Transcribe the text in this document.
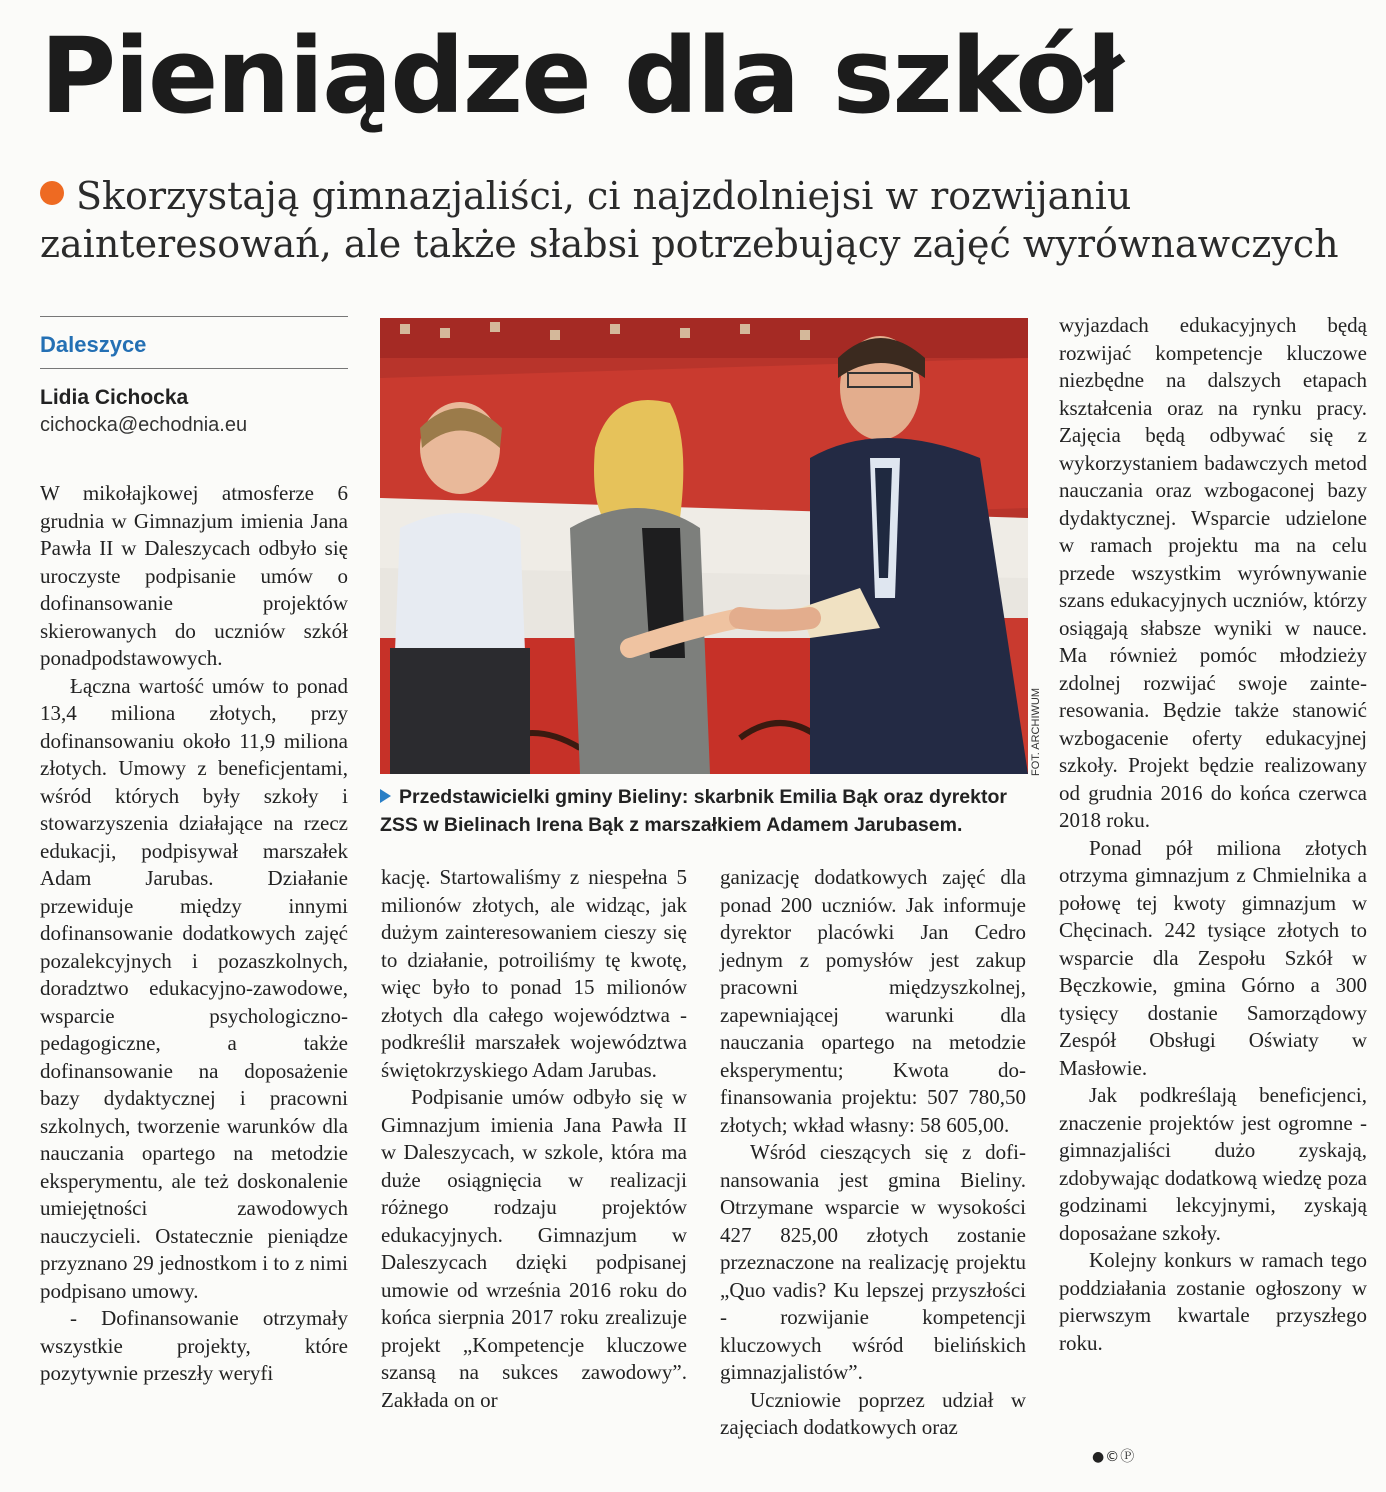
Pieniądze dla szkół

Skorzystają gimnazjaliści, ci najzdolniejsi w rozwijaniu zainteresowań, ale także słabsi potrzebujący zajęć wyrównawczych

Daleszyce
Lidia Cichocka
cichocka@echodnia.eu

W mikołajkowej atmosferze 6 grudnia w Gimnazjum imienia Jana Pawła II w Daleszycach odbyło się uroczyste podpisanie umów o dofinansowanie projektów skierowanych do uczniów szkół ponadpodstawowych.

Łączna wartość umów to ponad 13,4 miliona złotych, przy dofinansowaniu około 11,9 miliona złotych. Umowy z beneficjentami, wśród których były szkoły i stowarzyszenia działające na rzecz edukacji, podpisywał marszałek Adam Jarubas. Działanie przewiduje między innymi dofinansowanie dodatkowych zajęć pozalekcyjnych i pozaszkolnych, doradztwo edukacyjno-zawodowe, wsparcie psychologiczno-pedagogiczne, a także dofinansowanie na doposażenie bazy dydaktycznej i pracowni szkolnych, tworzenie warunków dla nauczania opartego na metodzie eksperymentu, ale też doskonalenie umiejętności zawodowych nauczycieli. Ostatecznie pieniądze przyznano 29 jednostkom i to z nimi podpisano umowy.

- Dofinansowanie otrzymały wszystkie projekty, które pozytywnie przeszły weryfi

FOT. ARCHIWUM
Przedstawicielki gminy Bieliny: skarbnik Emilia Bąk oraz dyrektor ZSS w Bielinach Irena Bąk z marszałkiem Adamem Jarubasem.

kację. Startowaliśmy z niespełna 5 milionów złotych, ale widząc, jak dużym zainteresowaniem cieszy się to działanie, potroiliśmy tę kwotę, więc było to ponad 15 milionów złotych dla całego województwa - podkreślił marszałek województwa świętokrzyskiego Adam Jarubas.

Podpisanie umów odbyło się w Gimnazjum imienia Jana Pawła II w Daleszycach, w szkole, która ma duże osiągnięcia w realizacji różnego rodzaju projektów edukacyjnych. Gimnazjum w Daleszycach dzięki podpisanej umowie od września 2016 roku do końca sierpnia 2017 roku zrealizuje projekt „Kompetencje kluczowe szansą na sukces zawodowy”. Zakłada on or

ganizację dodatkowych zajęć dla ponad 200 uczniów. Jak informuje dyrektor placówki Jan Cedro jednym z pomysłów jest zakup pracowni międzyszkolnej, zapewniającej warunki dla nauczania opartego na metodzie eksperymentu; Kwota dofinansowania projektu: 507 780,50 złotych; wkład własny: 58 605,00.

Wśród cieszących się z dofinansowania jest gmina Bieliny. Otrzymane wsparcie w wysokości 427 825,00 złotych zostanie przeznaczone na realizację projektu „Quo vadis? Ku lepszej przyszłości - rozwijanie kompetencji kluczowych wśród bielińskich gimnazjalistów”.

Uczniowie poprzez udział w zajęciach dodatkowych oraz

wyjazdach edukacyjnych będą rozwijać kompetencje kluczowe niezbędne na dalszych etapach kształcenia oraz na rynku pracy. Zajęcia będą odbywać się z wykorzystaniem badawczych metod nauczania oraz wzbogaconej bazy dydaktycznej. Wsparcie udzielone w ramach projektu ma na celu przede wszystkim wyrównywanie szans edukacyjnych uczniów, którzy osiągają słabsze wyniki w nauce. Ma również pomóc młodzieży zdolnej rozwijać swoje zainteresowania. Będzie także stanowić wzbogacenie oferty edukacyjnej szkoły. Projekt będzie realizowany od grudnia 2016 do końca czerwca 2018 roku.

Ponad pół miliona złotych otrzyma gimnazjum z Chmielnika a połowę tej kwoty gimnazjum w Chęcinach. 242 tysiące złotych to wsparcie dla Zespołu Szkół w Bęczkowie, gmina Górno a 300 tysięcy dostanie Samorządowy Zespół Obsługi Oświaty w Masłowie.

Jak podkreślają beneficjenci, znaczenie projektów jest ogromne - gimnazjaliści dużo zyskają, zdobywając dodatkową wiedzę poza godzinami lekcyjnymi, zyskają doposażane szkoły.

Kolejny konkurs w ramach tego poddziałania zostanie ogłoszony w pierwszym kwartale przyszłego roku.

●©Ⓟ
